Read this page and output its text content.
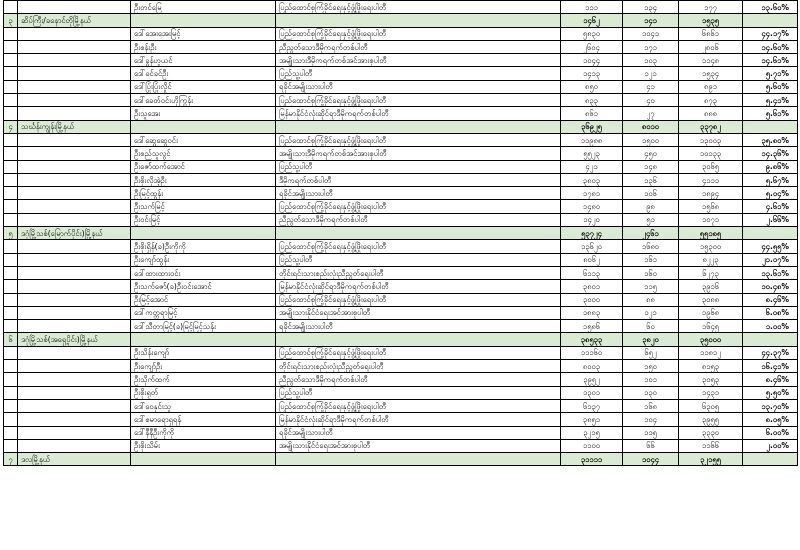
		ဦးတင်မြေ	ပြည်ထောင်စုကြံခိုင်ရေးနှင့်ဖွံ့ဖြိုးရေးပါတီ	၁၁၁	၁၃၄	၁၇၇	၁၃.၆၀%
၃	ဆိပ်ကြီး/ခနောင်တိုမြို့နယ်			၁၄၆၂	၁၄၁	၁၅၃၅	
		ဒေါ်အေးအေးမြင့်	ပြည်ထောင်စုကြံ့ခိုင်ရေးနှင့်ဖွံ့ဖြိုးရေးပါတီ	၅၈၃၀	၁၀၄၁	၆၈၆၁	၄၄.၁၇%
		ဦးစန်းဦး	ညီညွတ်သောဒီမိုကရက်တစ်ပါတီ	၂၆၀၄	၁၇၁	၂၈၀၆	၁၄.၆၀%
		ဒေါ်ခွန်ဟူယင်	အမျိုးသားဒီမိုကရက်တစ်အင်အားစုပါတီ	၁၀၄၄	၁၀၃	၁၁၄၈	၁၄.၆၁%
		ဒေါ်ခင်ခင်ဦး	ပြည်သူ့ပါတီ	၁၄၁၃	၁၂၁	၁၅၃၄	၅.၇၁%
		ဒေါ်ပြုံးပြုံးလှိုင်	ရခိုင်အမျိုးသားပါတီ	၈၅၀	၄၁	၈၉၁	၅.၆၀%
		ဒေါ်ခေတ်ဝင်းဟိုကြွန်း	ပြည်ထောင်စုကြံ့ခိုင်ရေးနှင့်ဖွံ့ဖြိုးရေးပါတီ	၈၃၃	၄၀	၈၇၃	၅.၄၁%
		ဦးသူအေး	မြန်မာနိုင်ငံလုံးဆိုင်ရာဒီမိုကရက်တစ်ပါတီ	၈၆၁	၂၇	၈၈၈	၅.၆၁%
၄	သင်္ဃန်းကျွန်းမြို့နယ်			၃၆၉၂၅	၈၀၁၀	၃၃၇၈၂	
		ဒေါ်ဆွေဆွေဝင်း	ပြည်ထောင်စုကြံ့ခိုင်ရေးနှင့်ဖွံ့ဖြိုးရေးပါတီ	၁၁၉၈၈	၁၅၀၀	၁၃၀၀၃	၃၅.၈၀%
		ဦးစည်သူလွင်	အမျိုးသားဒီမိုကရက်တစ်အင်အားစုပါတီ	၅၅၂၃	၄၅၀	၁၀၁၃၃	၁၄.၃၆%
		ဦးဇော်ထက်အောင်	ပြည်သူ့ပါတီ	၄၂၁	၁၄၈	၃၀၆၅	၉.၈၆%
		ဦးစိုးလိုအဲ့ဦး	ဒီမိုကရက်တစ်ပါတီ	၃၈၀၃	၁၃၆	၄၁၁၁	၅.၆၇%
		ဦးမြင့်ထွန်း	ရခိုင်အမျိုးသားပါတီ	၁၇၈၁	၁၀၆	၁၈၉၄	၅.၀၄%
		ဦးသက်မြင့်	ပြည်ထောင်စုကြံ့ခိုင်ရေးနှင့်ဖွံ့ဖြိုးရေးပါတီ	၁၄၈၀	၉၈	၁၅၆၈	၄.၆၁%
		ဦးဝင်းမြင့်	ညီညွတ်သောဒီမိုကရက်တစ်ပါတီ	၁၄၂၀	၅၁	၁၀၇၁	၂.၆၆%
၅	ဒဂုံမြို့သစ်(မြောက်ပိုင်း)မြို့နယ်			၅၃၇၂၄	၂၄၆၁	၅၅၁၈၅	
		ဦးစိုးရှိန်(ခ)ဦးကိုကို	ပြည်ထောင်စုကြံ့ခိုင်ရေးနှင့်ဖွံ့ဖြိုးရေးပါတီ	၁၃၆၂၀	၁၆၈၀	၁၅၃၀၀	၄၄.၅၅%
		ဦးကျော်ထွန်း	ပြည်သူ့ပါတီ	၈၀၆၂	၁၆၁	၈၂၂၃	၂၁.၀၇%
		ဒေါ်ထားထားဝင်း	တိုင်းရင်းသားစည်းလုံးညီညွတ်ရေးပါတီ	၆၁၁၃	၁၆၀	၆၂၇၃	၁၃.၆၁%
		ဦးသက်ဇော်(ခ)ဦးဝင်းအောင်	မြန်မာနိုင်ငံလုံးဆိုင်ရာဒီမိုကရက်တစ်ပါတီ	၃၈၀၁	၁၁၅	၃၉၁၆	၁၀.၄၈%
		ဦးမြင့်အောင်	ပြည်ထောင်စုကြံ့ခိုင်ရေးနှင့်ဖွံ့ဖြိုးရေးပါတီ	၃၀၀၀	၈၈	၃၀၈၈	၈.၄၆%
		ဒေါ်ကတ္တရာမြင့်	အမျိုးသားနိုင်ငံရေးအင်အားစုပါတီ	၁၈၈၃	၁၂၁	၁၉၆၈	၆.၀၈%
		ဒေါ်သီတာမြင့်(ခ)မြင့်မြင့်သန်း	ရခိုင်အမျိုးသားပါတီ	၁၅၈၆	၆၀	၁၆၄၅	၁.၀၀%
၆	ဒဂုံမြို့သစ်(အရှေ့ပိုင်း)မြို့နယ်			၃၈၅၃၃	၃၈၂၀	၃၅၀၀၀	
		ဦးသိန်းကျော်	ပြည်ထောင်စုကြံ့ခိုင်ရေးနှင့်ဖွံ့ဖြိုးရေးပါတီ	၁၁၁၆၀	၆၅၂	၁၁၈၁၂	၄၄.၃၇%
		ဦးကျော်ဦး	တိုင်းရင်းသားစည်းလုံးညီညွတ်ရေးပါတီ	၈၀၀၃	၁၅၀	၈၁၅၃	၁၆.၄၁%
		ဦးသိုက်ထက်	ညီညွတ်သောဒီမိုကရက်တစ်ပါတီ	၃၉၅၂	၁၀၁	၃၀၅၃	၈.၄၆%
		ဦးစိုးရုတ်	ပြည်သူ့ပါတီ	၁၃၀၁	၁၃၀	၁၄၃၁	၅.၅၀%
		ဒေါ်ဝေနှင်းသူ	ပြည်ထောင်စုကြံ့ခိုင်ရေးနှင့်ဖွံ့ဖြိုးရေးပါတီ	၆၁၃၇	၁၆၈	၆၃၀၅	၁၃.၇၀%
		ဒေါ်စမာရောရှရန်	မြန်မာနိုင်ငံလုံးဆိုင်ရာဒီမိုကရက်တစ်ပါတီ	၃၈၅၁	၁၀၄	၃၉၅၅	၈.၀၅%
		ဒေါ်နီနီဦးကိုကို	ရခိုင်အမျိုးသားပါတီ	၃၂၁၅	၁၁၅	၃၃၃၀	၆.၀၀%
		ဦးစိုးသိမ်း	အမျိုးသားနိုင်ငံရေးအင်အားစုပါတီ	၁၁၀၀	၆၆	၁၁၆၆	၂.၀၀%
၇	ဒလမြို့နယ်			၃၁၁၁၁	၁၀၄၄	၃၂၁၅၅	
